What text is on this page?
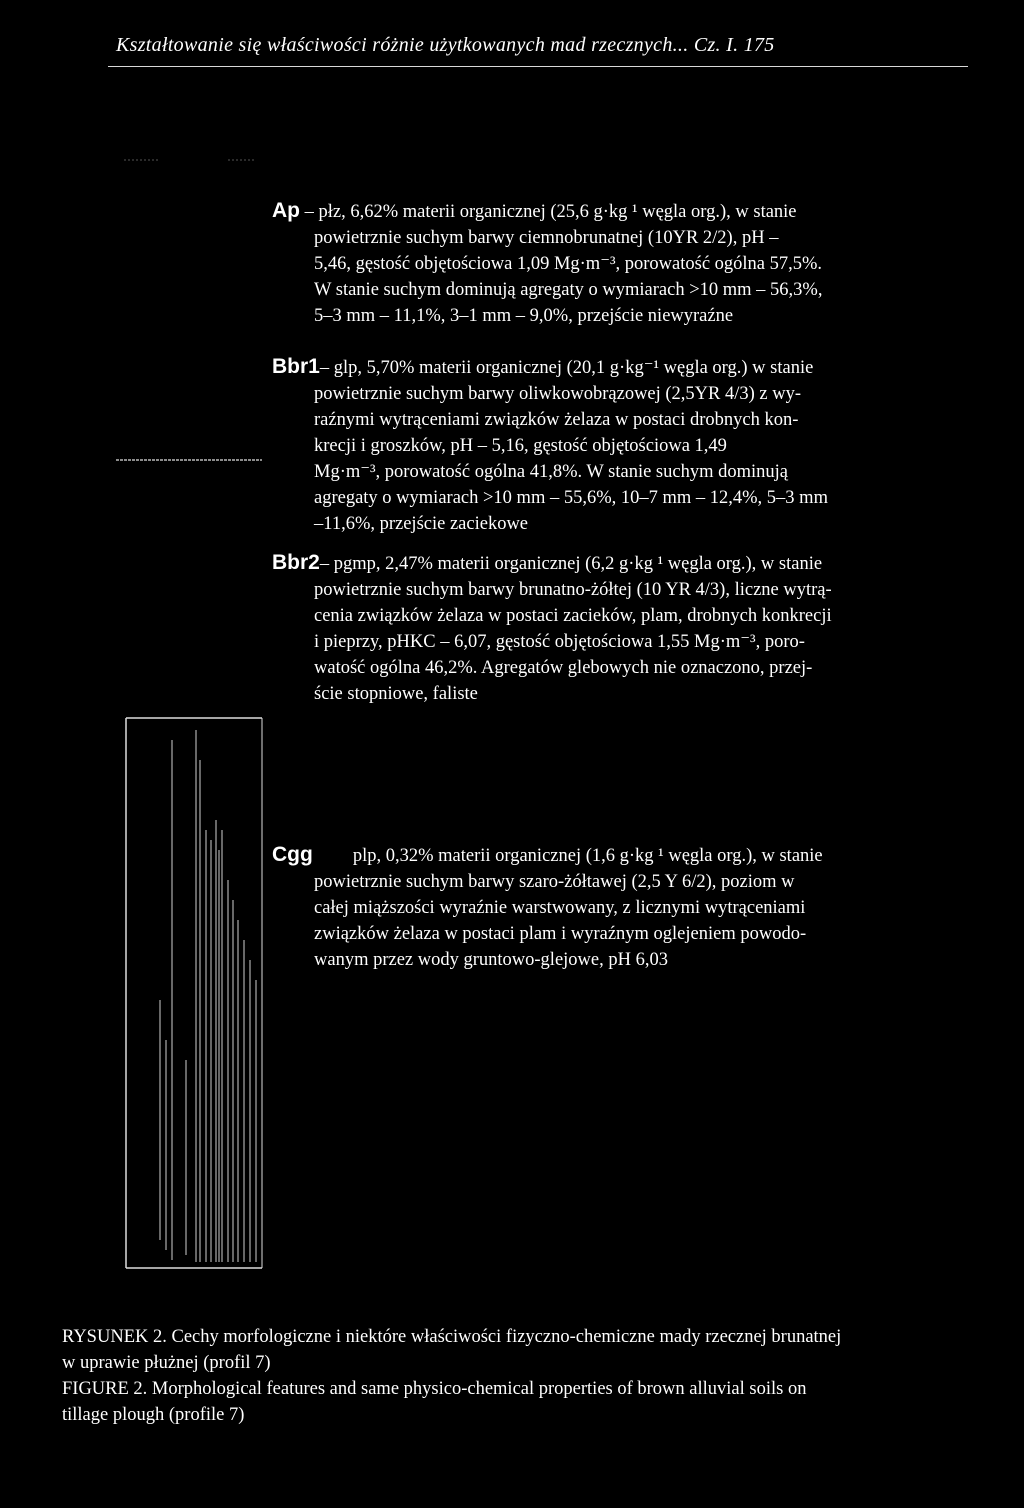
Kształtowanie się właściwości różnie użytkowanych mad rzecznych... Cz. I. 175
Ap – płz, 6,62% materii organicznej (25,6 g·kg ¹ węgla org.), w stanie
powietrznie suchym barwy ciemnobrunatnej (10YR 2/2), pH –
5,46, gęstość objętościowa 1,09 Mg·m⁻³, porowatość ogólna 57,5%.
W stanie suchym dominują agregaty o wymiarach >10 mm – 56,3%,
5–3 mm – 11,1%, 3–1 mm – 9,0%, przejście niewyraźne
Bbr1– glp, 5,70% materii organicznej (20,1 g·kg⁻¹ węgla org.) w stanie
powietrznie suchym barwy oliwkowobrązowej (2,5YR 4/3) z wy-
raźnymi wytrąceniami związków żelaza w postaci drobnych kon-
krecji i groszków, pH – 5,16, gęstość objętościowa 1,49
Mg·m⁻³, porowatość ogólna 41,8%. W stanie suchym dominują
agregaty o wymiarach >10 mm – 55,6%, 10–7 mm – 12,4%, 5–3 mm
–11,6%, przejście zaciekowe
Bbr2– pgmp, 2,47% materii organicznej (6,2 g·kg ¹ węgla org.), w stanie
powietrznie suchym barwy brunatno-żółtej (10 YR 4/3), liczne wytrą-
cenia związków żelaza w postaci zacieków, plam, drobnych konkrecji
i pieprzy, pHKC – 6,07, gęstość objętościowa 1,55 Mg·m⁻³, poro-
watość ogólna 46,2%. Agregatów glebowych nie oznaczono, przej-
ście stopniowe, faliste
Cgg plp, 0,32% materii organicznej (1,6 g·kg ¹ węgla org.), w stanie
powietrznie suchym barwy szaro-żółtawej (2,5 Y 6/2), poziom w
całej miąższości wyraźnie warstwowany, z licznymi wytrąceniami
związków żelaza w postaci plam i wyraźnym oglejeniem powodo-
wanym przez wody gruntowo-glejowe, pH 6,03
RYSUNEK 2. Cechy morfologiczne i niektóre właściwości fizyczno-chemiczne mady rzecznej brunatnej
w uprawie płużnej (profil 7)
FIGURE 2. Morphological features and same physico-chemical properties of brown alluvial soils on
tillage plough (profile 7)
